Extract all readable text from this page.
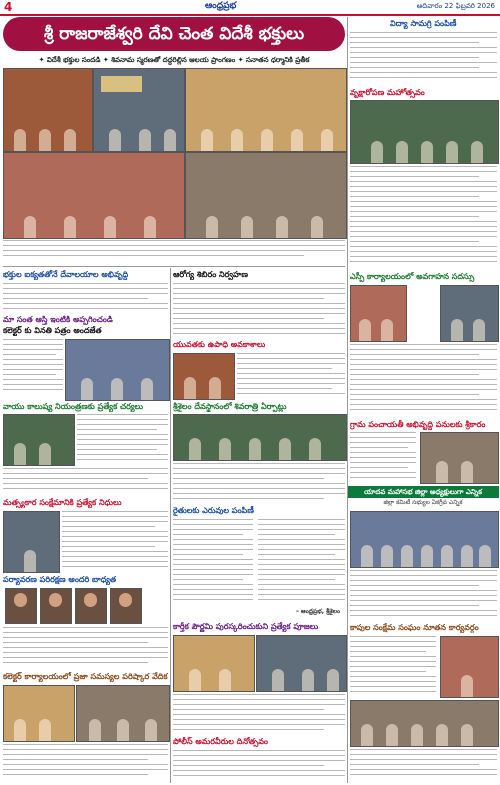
4	ఆంధ్రప్రభ	ఆదివారం 22 ఫిబ్రవరి 2026
శ్రీ రాజరాజేశ్వరి దేవి చెంత విదేశీ భక్తులు
✦ విదేశీ భక్తుల సందడి ✦ శివనామ స్మరణతో దద్దరిల్లిన ఆలయ ప్రాంగణం ✦ సనాతన ధర్మానికి ప్రతీక
విద్యా సామగ్రి పంపిణీ
వృక్షారోపణ మహోత్సవం
ఎస్పీ కార్యాలయంలో అవగాహన సదస్సు
గ్రామ పంచాయతీ అభివృద్ధి పనులకు శ్రీకారం
యాదవ మహాసభ జిల్లా అధ్యక్షులుగా ఎన్నిక
జిల్లా కమిటీ సభ్యుల ఏకగ్రీవ ఎన్నిక
భక్తుల ఐక్యతతోనే దేవాలయాల అభివృద్ధి
మా సంత ఆస్తి ఇంటికి అప్పగించండి
కలెక్టర్ కు వినతి పత్రం అందజేత
వాయు కాలుష్య నియంత్రణకు ప్రత్యేక చర్యలు
మత్స్యకార సంక్షేమానికి ప్రత్యేక నిధులు
పర్యావరణ పరిరక్షణ అందరి బాధ్యత
కలెక్టర్ కార్యాలయంలో ప్రజా సమస్యల పరిష్కార వేదిక
ఆరోగ్య శిబిరం నిర్వహణ
యువతకు ఉపాధి అవకాశాలు
శ్రీశైలం దేవస్థానంలో శివరాత్రి ఏర్పాట్లు
రైతులకు ఎరువుల పంపిణీ
– ఆంధ్రప్రభ, శ్రీశైలం
కార్తీక పౌర్ణమి పురస్కరించుకుని ప్రత్యేక పూజలు
పోలీస్ అమరవీరుల దినోత్సవం
కాపుల సంక్షేమ సంఘం నూతన కార్యవర్గం
